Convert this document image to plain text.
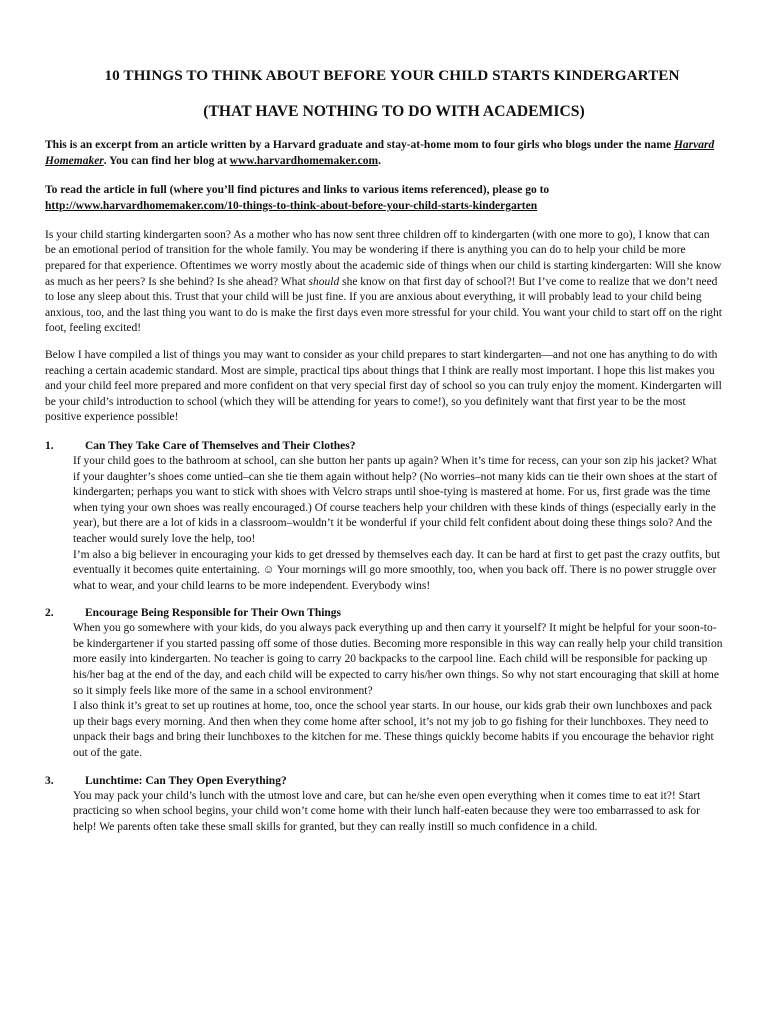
10 THINGS TO THINK ABOUT BEFORE YOUR CHILD STARTS KINDERGARTEN
(THAT HAVE NOTHING TO DO WITH ACADEMICS)

This is an excerpt from an article written by a Harvard graduate and stay-at-home mom to four girls who blogs under the name Harvard Homemaker. You can find her blog at www.harvardhomemaker.com.

To read the article in full (where you’ll find pictures and links to various items referenced), please go to
http://www.harvardhomemaker.com/10-things-to-think-about-before-your-child-starts-kindergarten

Is your child starting kindergarten soon? As a mother who has now sent three children off to kindergarten (with one more to go), I know that can be an emotional period of transition for the whole family. You may be wondering if there is anything you can do to help your child be more prepared for that experience. Oftentimes we worry mostly about the academic side of things when our child is starting kindergarten: Will she know as much as her peers? Is she behind? Is she ahead? What should she know on that first day of school?! But I’ve come to realize that we don’t need to lose any sleep about this. Trust that your child will be just fine. If you are anxious about everything, it will probably lead to your child being anxious, too, and the last thing you want to do is make the first days even more stressful for your child. You want your child to start off on the right foot, feeling excited!

Below I have compiled a list of things you may want to consider as your child prepares to start kindergarten—and not one has anything to do with reaching a certain academic standard. Most are simple, practical tips about things that I think are really most important. I hope this list makes you and your child feel more prepared and more confident on that very special first day of school so you can truly enjoy the moment. Kindergarten will be your child’s introduction to school (which they will be attending for years to come!), so you definitely want that first year to be the most positive experience possible!

1.	Can They Take Care of Themselves and Their Clothes?

If your child goes to the bathroom at school, can she button her pants up again? When it’s time for recess, can your son zip his jacket? What if your daughter’s shoes come untied–can she tie them again without help? (No worries–not many kids can tie their own shoes at the start of kindergarten; perhaps you want to stick with shoes with Velcro straps until shoe-tying is mastered at home. For us, first grade was the time when tying your own shoes was really encouraged.) Of course teachers help your children with these kinds of things (especially early in the year), but there are a lot of kids in a classroom–wouldn’t it be wonderful if your child felt confident about doing these things solo? And the teacher would surely love the help, too!

I’m also a big believer in encouraging your kids to get dressed by themselves each day. It can be hard at first to get past the crazy outfits, but eventually it becomes quite entertaining. ☺ Your mornings will go more smoothly, too, when you back off. There is no power struggle over what to wear, and your child learns to be more independent. Everybody wins!

2.	Encourage Being Responsible for Their Own Things

When you go somewhere with your kids, do you always pack everything up and then carry it yourself? It might be helpful for your soon-to-be kindergartener if you started passing off some of those duties. Becoming more responsible in this way can really help your child transition more easily into kindergarten. No teacher is going to carry 20 backpacks to the carpool line. Each child will be responsible for packing up his/her bag at the end of the day, and each child will be expected to carry his/her own things. So why not start encouraging that skill at home so it simply feels like more of the same in a school environment?

I also think it’s great to set up routines at home, too, once the school year starts. In our house, our kids grab their own lunchboxes and pack up their bags every morning. And then when they come home after school, it’s not my job to go fishing for their lunchboxes. They need to unpack their bags and bring their lunchboxes to the kitchen for me. These things quickly become habits if you encourage the behavior right out of the gate.

3.	Lunchtime: Can They Open Everything?

You may pack your child’s lunch with the utmost love and care, but can he/she even open everything when it comes time to eat it?! Start practicing so when school begins, your child won’t come home with their lunch half-eaten because they were too embarrassed to ask for help! We parents often take these small skills for granted, but they can really instill so much confidence in a child.
